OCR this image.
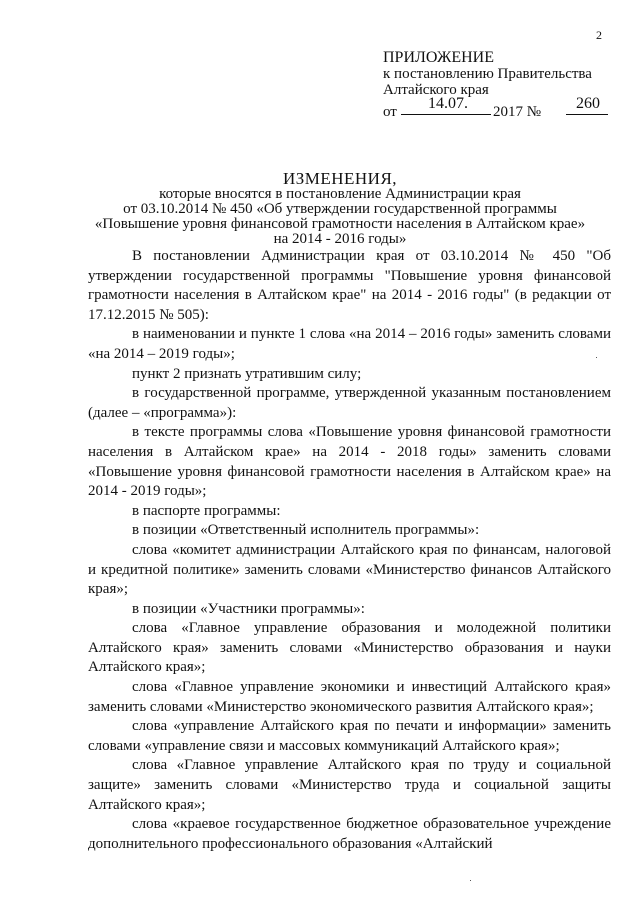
2
ПРИЛОЖЕНИЕ
к постановлению Правительства
Алтайского края
от 14.07. 2017 № 260
ИЗМЕНЕНИЯ,
которые вносятся в постановление Администрации края
от 03.10.2014 № 450 «Об утверждении государственной программы
«Повышение уровня финансовой грамотности населения в Алтайском крае»
на 2014 - 2016 годы»

В постановлении Администрации края от 03.10.2014 № 450 "Об утверждении государственной программы "Повышение уровня финансовой грамотности населения в Алтайском крае" на 2014 - 2016 годы" (в редакции от 17.12.2015 № 505):

в наименовании и пункте 1 слова «на 2014 – 2016 годы» заменить словами «на 2014 – 2019 годы»;

пункт 2 признать утратившим силу;

в государственной программе, утвержденной указанным постановлением (далее – «программа»):

в тексте программы слова «Повышение уровня финансовой грамотности населения в Алтайском крае» на 2014 - 2018 годы» заменить словами «Повышение уровня финансовой грамотности населения в Алтайском крае» на 2014 - 2019 годы»;

в паспорте программы:

в позиции «Ответственный исполнитель программы»:

слова «комитет администрации Алтайского края по финансам, налоговой и кредитной политике» заменить словами «Министерство финансов Алтайского края»;

в позиции «Участники программы»:

слова «Главное управление образования и молодежной политики Алтайского края» заменить словами «Министерство образования и науки Алтайского края»;

слова «Главное управление экономики и инвестиций Алтайского края» заменить словами «Министерство экономического развития Алтайского края»;

слова «управление Алтайского края по печати и информации» заменить словами «управление связи и массовых коммуникаций Алтайского края»;

слова «Главное управление Алтайского края по труду и социальной защите» заменить словами «Министерство труда и социальной защиты Алтайского края»;

слова «краевое государственное бюджетное образовательное учреждение дополнительного профессионального образования «Алтайский
